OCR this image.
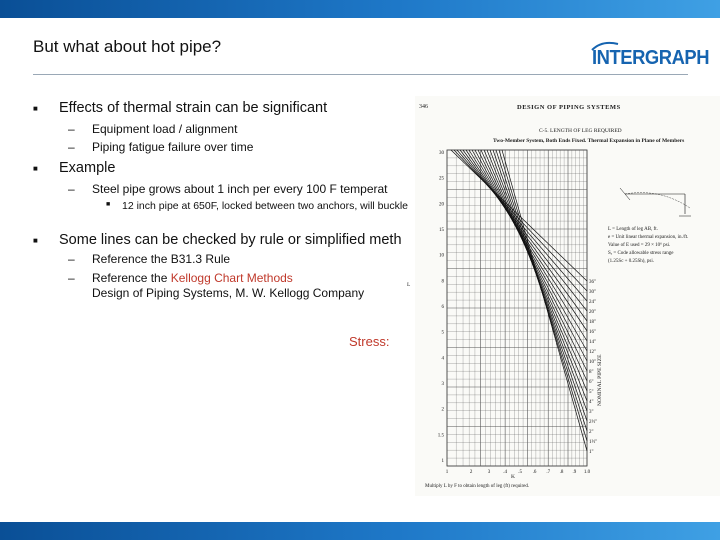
But what about hot pipe?
INTERGRAPH
■ Effects of thermal strain can be significant
– Equipment load / alignment
– Piping fatigue failure over time
■ Example
– Steel pipe grows about 1 inch per every 100 F temperat
■ 12 inch pipe at 650F, locked between two anchors, will buckle
■ Some lines can be checked by rule or simplified meth
– Reference the B31.3 Rule
– Reference the Kellogg Chart Methods
Design of Piping Systems, M. W. Kellogg Company
Stress:
346	DESIGN OF PIPING SYSTEMS
C-5. LENGTH OF LEG REQUIRED
Two-Member System, Both Ends Fixed. Thermal Expansion in Plane of Members
36"
30"
24"
20"
18"
16"
14"
12"
10"
8"
6"
5"
4"
3"
2½"
2"
1½"
1"
30
25
20
15
10
8
6
5
4
3
2
1.5
1
1	2	3	.4 .5 .6 .7 .8 .9 1.0
L = Length of leg AB, ft.
e = Unit linear thermal expansion, in./ft.
Value of E used = 29 × 10⁶ psi.
Sₐ = Code allowable stress range
(1.25Sc + 0.25Sh), psi.
L
K
NOMINAL PIPE SIZE
Multiply L by F to obtain length of leg (ft) required.
